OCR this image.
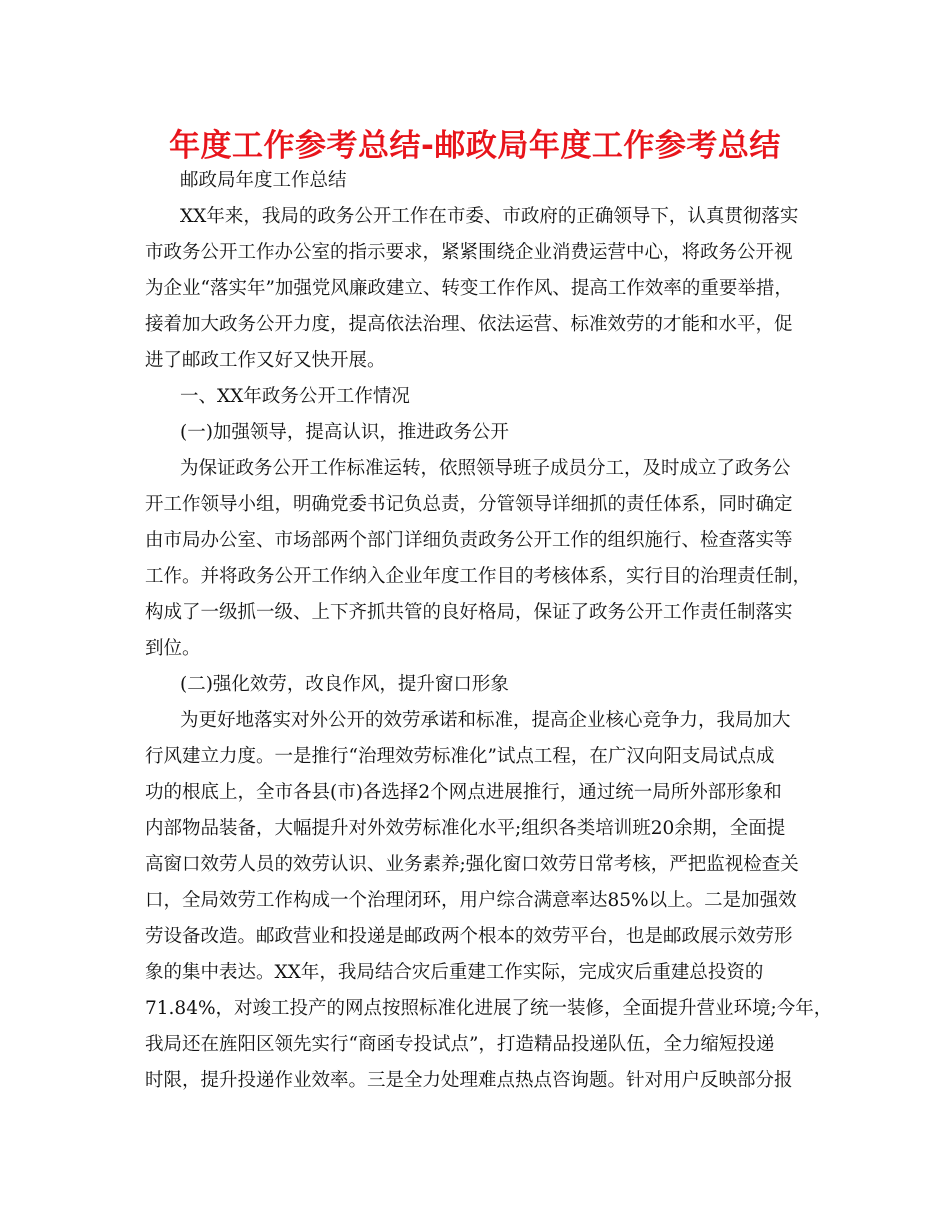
年度工作参考总结-邮政局年度工作参考总结
邮政局年度工作总结
XX年来，我局的政务公开工作在市委、市政府的正确领导下，认真贯彻落实
市政务公开工作办公室的指示要求，紧紧围绕企业消费运营中心，将政务公开视
为企业“落实年”加强党风廉政建立、转变工作作风、提高工作效率的重要举措，
接着加大政务公开力度，提高依法治理、依法运营、标准效劳的才能和水平，促
进了邮政工作又好又快开展。
一、XX年政务公开工作情况
(一)加强领导，提高认识，推进政务公开
为保证政务公开工作标准运转，依照领导班子成员分工，及时成立了政务公
开工作领导小组，明确党委书记负总责，分管领导详细抓的责任体系，同时确定
由市局办公室、市场部两个部门详细负责政务公开工作的组织施行、检查落实等
工作。并将政务公开工作纳入企业年度工作目的考核体系，实行目的治理责任制，
构成了一级抓一级、上下齐抓共管的良好格局，保证了政务公开工作责任制落实
到位。
(二)强化效劳，改良作风，提升窗口形象
为更好地落实对外公开的效劳承诺和标准，提高企业核心竞争力，我局加大
行风建立力度。一是推行“治理效劳标准化”试点工程，在广汉向阳支局试点成
功的根底上，全市各县(市)各选择2个网点进展推行，通过统一局所外部形象和
内部物品装备，大幅提升对外效劳标准化水平;组织各类培训班20余期，全面提
高窗口效劳人员的效劳认识、业务素养;强化窗口效劳日常考核，严把监视检查关
口，全局效劳工作构成一个治理闭环，用户综合满意率达85%以上。二是加强效
劳设备改造。邮政营业和投递是邮政两个根本的效劳平台，也是邮政展示效劳形
象的集中表达。XX年，我局结合灾后重建工作实际，完成灾后重建总投资的
71.84%，对竣工投产的网点按照标准化进展了统一装修，全面提升营业环境;今年，
我局还在旌阳区领先实行“商函专投试点”，打造精品投递队伍，全力缩短投递
时限，提升投递作业效率。三是全力处理难点热点咨询题。针对用户反映部分报
